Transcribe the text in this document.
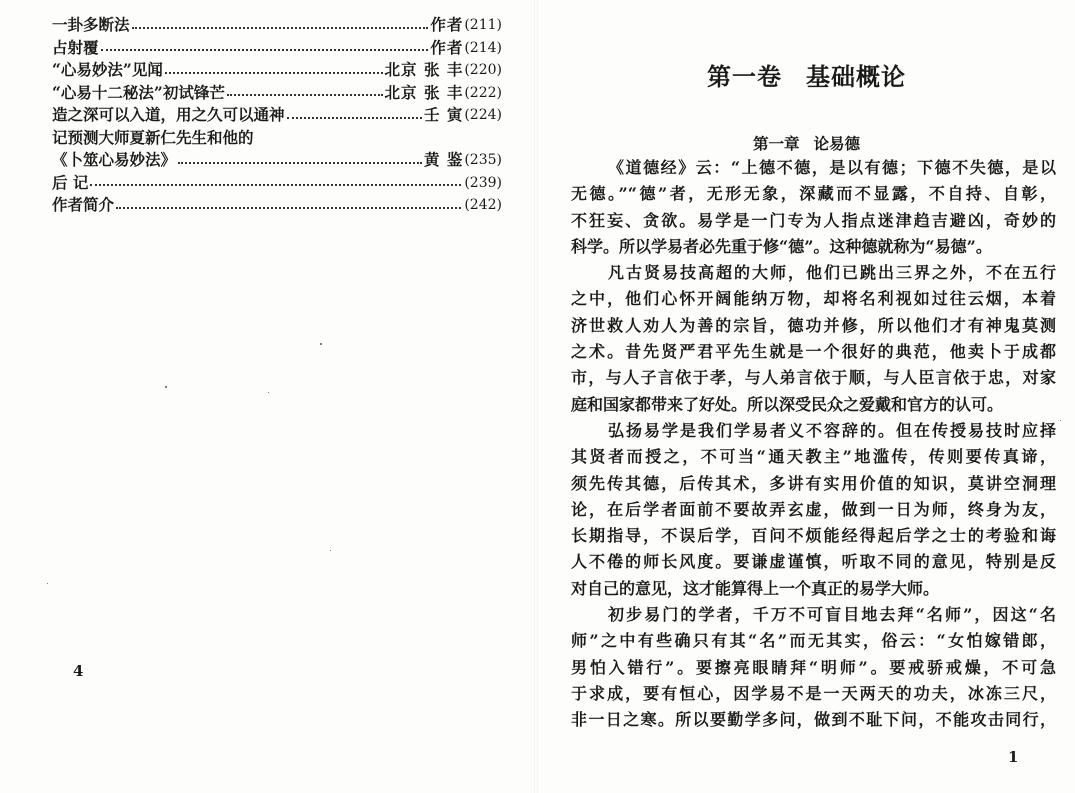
一卦多断法	作者 (211)
占射覆	作者 (214)
“心易妙法”见闻	北京 张 丰 (220)
“心易十二秘法”初试锋芒	北京 张 丰 (222)
造之深可以入道，用之久可以通神	壬 寅 (224)
记预测大师夏新仁先生和他的
《卜筮心易妙法》	黄 鉴 (235)
后 记	(239)
作者简介	(242)
4
第一卷 基础概论
第一章 论易德
《道德经》云：“上德不德，是以有德；下德不失德，是以
无德。”“德”者，无形无象，深藏而不显露，不自持、自彰，
不狂妄、贪欲。易学是一门专为人指点迷津趋吉避凶，奇妙的
科学。所以学易者必先重于修“德”。这种德就称为“易德”。
凡古贤易技高超的大师，他们已跳出三界之外，不在五行
之中，他们心怀开阔能纳万物，却将名利视如过往云烟，本着
济世救人劝人为善的宗旨，德功并修，所以他们才有神鬼莫测
之术。昔先贤严君平先生就是一个很好的典范，他卖卜于成都
市，与人子言依于孝，与人弟言依于顺，与人臣言依于忠，对家
庭和国家都带来了好处。所以深受民众之爱戴和官方的认可。
弘扬易学是我们学易者义不容辞的。但在传授易技时应择
其贤者而授之，不可当“通天教主”地滥传，传则要传真谛，
须先传其德，后传其术，多讲有实用价值的知识，莫讲空洞理
论，在后学者面前不要故弄玄虚，做到一日为师，终身为友，
长期指导，不误后学，百问不烦能经得起后学之士的考验和诲
人不倦的师长风度。要谦虚谨慎，听取不同的意见，特别是反
对自己的意见，这才能算得上一个真正的易学大师。
初步易门的学者，千万不可盲目地去拜“名师”，因这“名
师”之中有些确只有其“名”而无其实，俗云：“女怕嫁错郎，
男怕入错行”。要擦亮眼睛拜“明师”。要戒骄戒燥，不可急
于求成，要有恒心，因学易不是一天两天的功夫，冰冻三尺，
非一日之寒。所以要勤学多问，做到不耻下问，不能攻击同行，
1
